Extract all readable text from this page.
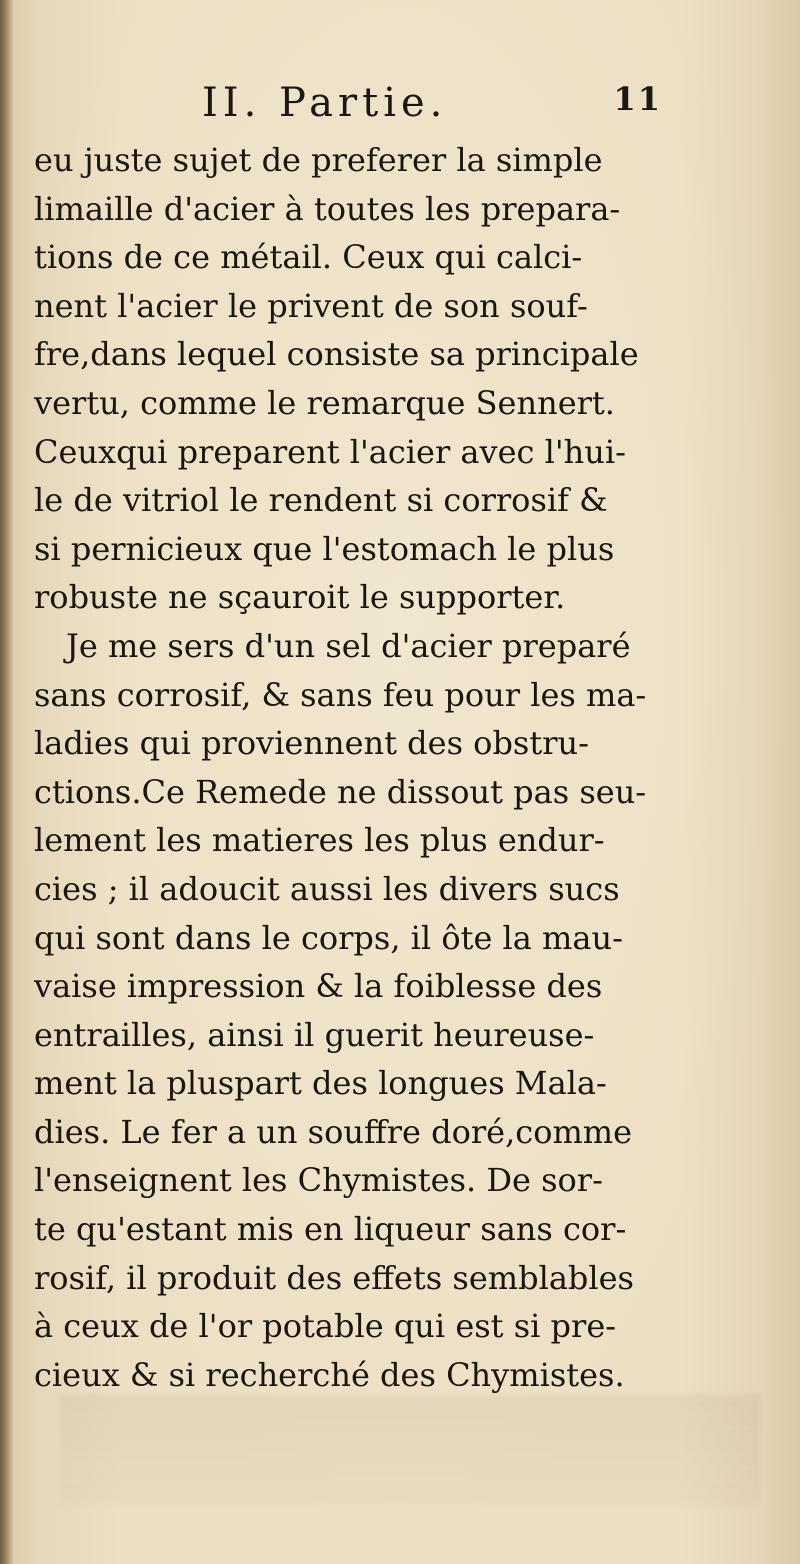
II. Partie.	11
eu juste sujet de preferer la simple
limaille d'acier à toutes les prepara-
tions de ce métail. Ceux qui calci-
nent l'acier le privent de son souf-
fre,dans lequel consiste sa principale
vertu, comme le remarque Sennert.
Ceuxqui preparent l'acier avec l'hui-
le de vitriol le rendent si corrosif &
si pernicieux que l'estomach le plus
robuste ne sçauroit le supporter.
Je me sers d'un sel d'acier preparé
sans corrosif, & sans feu pour les ma-
ladies qui proviennent des obstru-
ctions.Ce Remede ne dissout pas seu-
lement les matieres les plus endur-
cies ; il adoucit aussi les divers sucs
qui sont dans le corps, il ôte la mau-
vaise impression & la foiblesse des
entrailles, ainsi il guerit heureuse-
ment la pluspart des longues Mala-
dies. Le fer a un souffre doré,comme
l'enseignent les Chymistes. De sor-
te qu'estant mis en liqueur sans cor-
rosif, il produit des effets semblables
à ceux de l'or potable qui est si pre-
cieux & si recherché des Chymistes.
